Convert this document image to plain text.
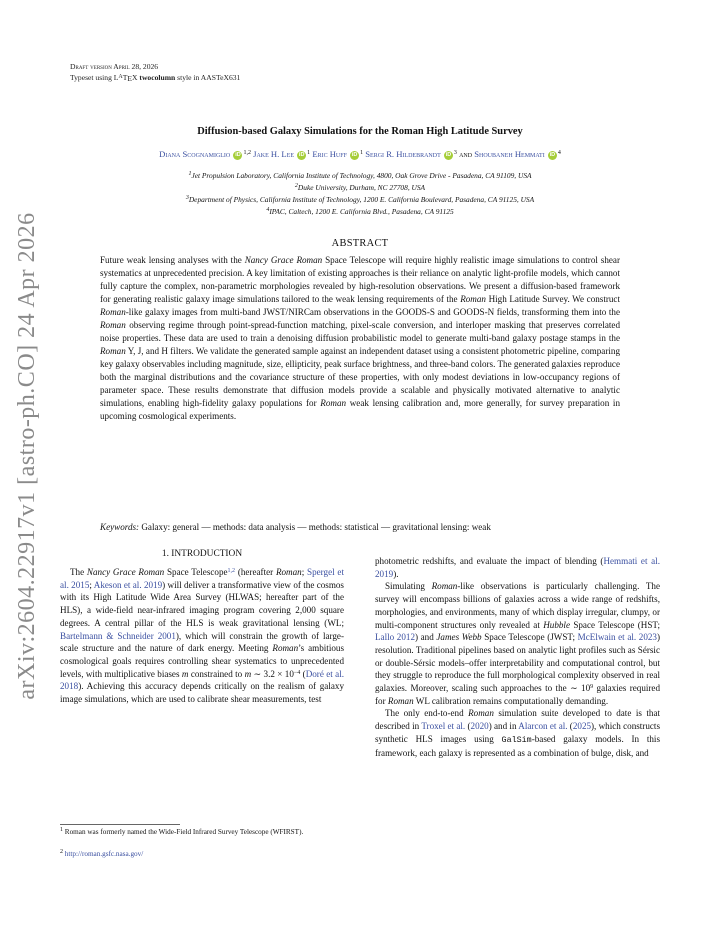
arXiv:2604.22917v1 [astro-ph.CO] 24 Apr 2026
Draft version April 28, 2026
Typeset using $L^ATEX$ twocolumn style in AASTeX631
Diffusion-based Galaxy Simulations for the Roman High Latitude Survey
Diana Scognamiglio iD $^{1,2}$ Jake H. Lee iD $^1$ Eric Huff iD $^1$ Sergi R. Hildebrandt iD $^3$ and Shoubaneh Hemmati iD $^4$
$^1$Jet Propulsion Laboratory, California Institute of Technology, 4800, Oak Grove Drive - Pasadena, CA 91109, USA
$^2$Duke University, Durham, NC 27708, USA
$^3$Department of Physics, California Institute of Technology, 1200 E. California Boulevard, Pasadena, CA 91125, USA
$^4$IPAC, Caltech, 1200 E. California Blvd., Pasadena, CA 91125
ABSTRACT
Future weak lensing analyses with the Nancy Grace Roman Space Telescope will require highly realistic image simulations to control shear systematics at unprecedented precision. A key limitation of existing approaches is their reliance on analytic light-profile models, which cannot fully capture the complex, non-parametric morphologies revealed by high-resolution observations. We present a diffusion-based framework for generating realistic galaxy image simulations tailored to the weak lensing requirements of the Roman High Latitude Survey. We construct Roman-like galaxy images from multi-band JWST/NIRCam observations in the GOODS-S and GOODS-N fields, transforming them into the Roman observing regime through point-spread-function matching, pixel-scale conversion, and interloper masking that preserves correlated noise properties. These data are used to train a denoising diffusion probabilistic model to generate multi-band galaxy postage stamps in the Roman Y, J, and H filters. We validate the generated sample against an independent dataset using a consistent photometric pipeline, comparing key galaxy observables including magnitude, size, ellipticity, peak surface brightness, and three-band colors. The generated galaxies reproduce both the marginal distributions and the covariance structure of these properties, with only modest deviations in low-occupancy regions of parameter space. These results demonstrate that diffusion models provide a scalable and physically motivated alternative to analytic simulations, enabling high-fidelity galaxy populations for Roman weak lensing calibration and, more generally, for survey preparation in upcoming cosmological experiments.
Keywords: Galaxy: general — methods: data analysis — methods: statistical — gravitational lensing: weak
1. INTRODUCTION

The Nancy Grace Roman Space Telescope$^{1,2}$ (hereafter Roman; Spergel et al. 2015; Akeson et al. 2019) will deliver a transformative view of the cosmos with its High Latitude Wide Area Survey (HLWAS; hereafter part of the HLS), a wide-field near-infrared imaging program covering 2,000 square degrees. A central pillar of the HLS is weak gravitational lensing (WL; Bartelmann & Schneider 2001), which will constrain the growth of large-scale structure and the nature of dark energy. Meeting Roman’s ambitious cosmological goals requires controlling shear systematics to unprecedented levels, with multiplicative biases m constrained to m ∼ $3.2 \times 10^{-4}$ (Doré et al. 2018). Achieving this accuracy depends critically on the realism of galaxy image simulations, which are used to calibrate shear measurements, test

$^1$ Roman was formerly named the Wide-Field Infrared Survey Telescope (WFIRST).
$^2$ http://roman.gsfc.nasa.gov/

photometric redshifts, and evaluate the impact of blending (Hemmati et al. 2019).

Simulating Roman-like observations is particularly challenging. The survey will encompass billions of galaxies across a wide range of redshifts, morphologies, and environments, many of which display irregular, clumpy, or multi-component structures only revealed at Hubble Space Telescope (HST; Lallo 2012) and James Webb Space Telescope (JWST; McElwain et al. 2023) resolution. Traditional pipelines based on analytic light profiles such as Sérsic or double-Sérsic models–offer interpretability and computational control, but they struggle to reproduce the full morphological complexity observed in real galaxies. Moreover, scaling such approaches to the ∼ $10^9$ galaxies required for Roman WL calibration remains computationally demanding.

The only end-to-end Roman simulation suite developed to date is that described in Troxel et al. (2020) and in Alarcon et al. (2025), which constructs synthetic HLS images using GalSim-based galaxy models. In this framework, each galaxy is represented as a combination of bulge, disk, and
